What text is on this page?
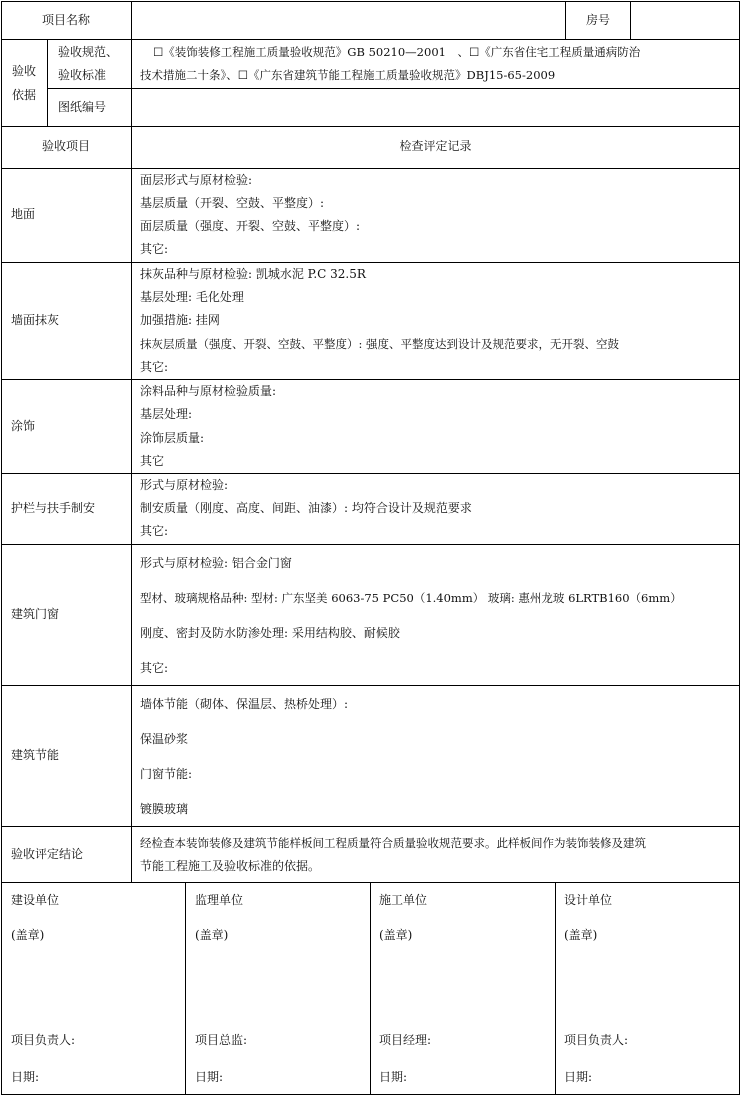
项目名称	房号
验收
依据
验收规范、
验收标准
☐《装饰装修工程施工质量验收规范》GB 50210—2001　、☐《广东省住宅工程质量通病防治
技术措施二十条》、☐《广东省建筑节能工程施工质量验收规范》DBJ15-65-2009
图纸编号
验收项目	检查评定记录
地面
面层形式与原材检验:
基层质量（开裂、空鼓、平整度）:
面层质量（强度、开裂、空鼓、平整度）:
其它:
墙面抹灰
抹灰品种与原材检验: 凯城水泥 P.C 32.5R
基层处理: 毛化处理
加强措施: 挂网
抹灰层质量（强度、开裂、空鼓、平整度）: 强度、平整度达到设计及规范要求，无开裂、空鼓
其它:
涂饰
涂料品种与原材检验质量:
基层处理:
涂饰层质量:
其它
护栏与扶手制安
形式与原材检验:
制安质量（刚度、高度、间距、油漆）: 均符合设计及规范要求
其它:
建筑门窗
形式与原材检验: 铝合金门窗
型材、玻璃规格品种: 型材: 广东坚美 6063-75 PC50（1.40mm） 玻璃: 惠州龙玻 6LRTB160（6mm）
刚度、密封及防水防渗处理: 采用结构胶、耐候胶
其它:
建筑节能
墙体节能（砌体、保温层、热桥处理）:
保温砂浆
门窗节能:
镀膜玻璃
验收评定结论
经检查本装饰装修及建筑节能样板间工程质量符合质量验收规范要求。此样板间作为装饰装修及建筑
节能工程施工及验收标准的依据。
建设单位
(盖章)
项目负责人:
日期:
监理单位
(盖章)
项目总监:
日期:
施工单位
(盖章)
项目经理:
日期:
设计单位
(盖章)
项目负责人:
日期:
